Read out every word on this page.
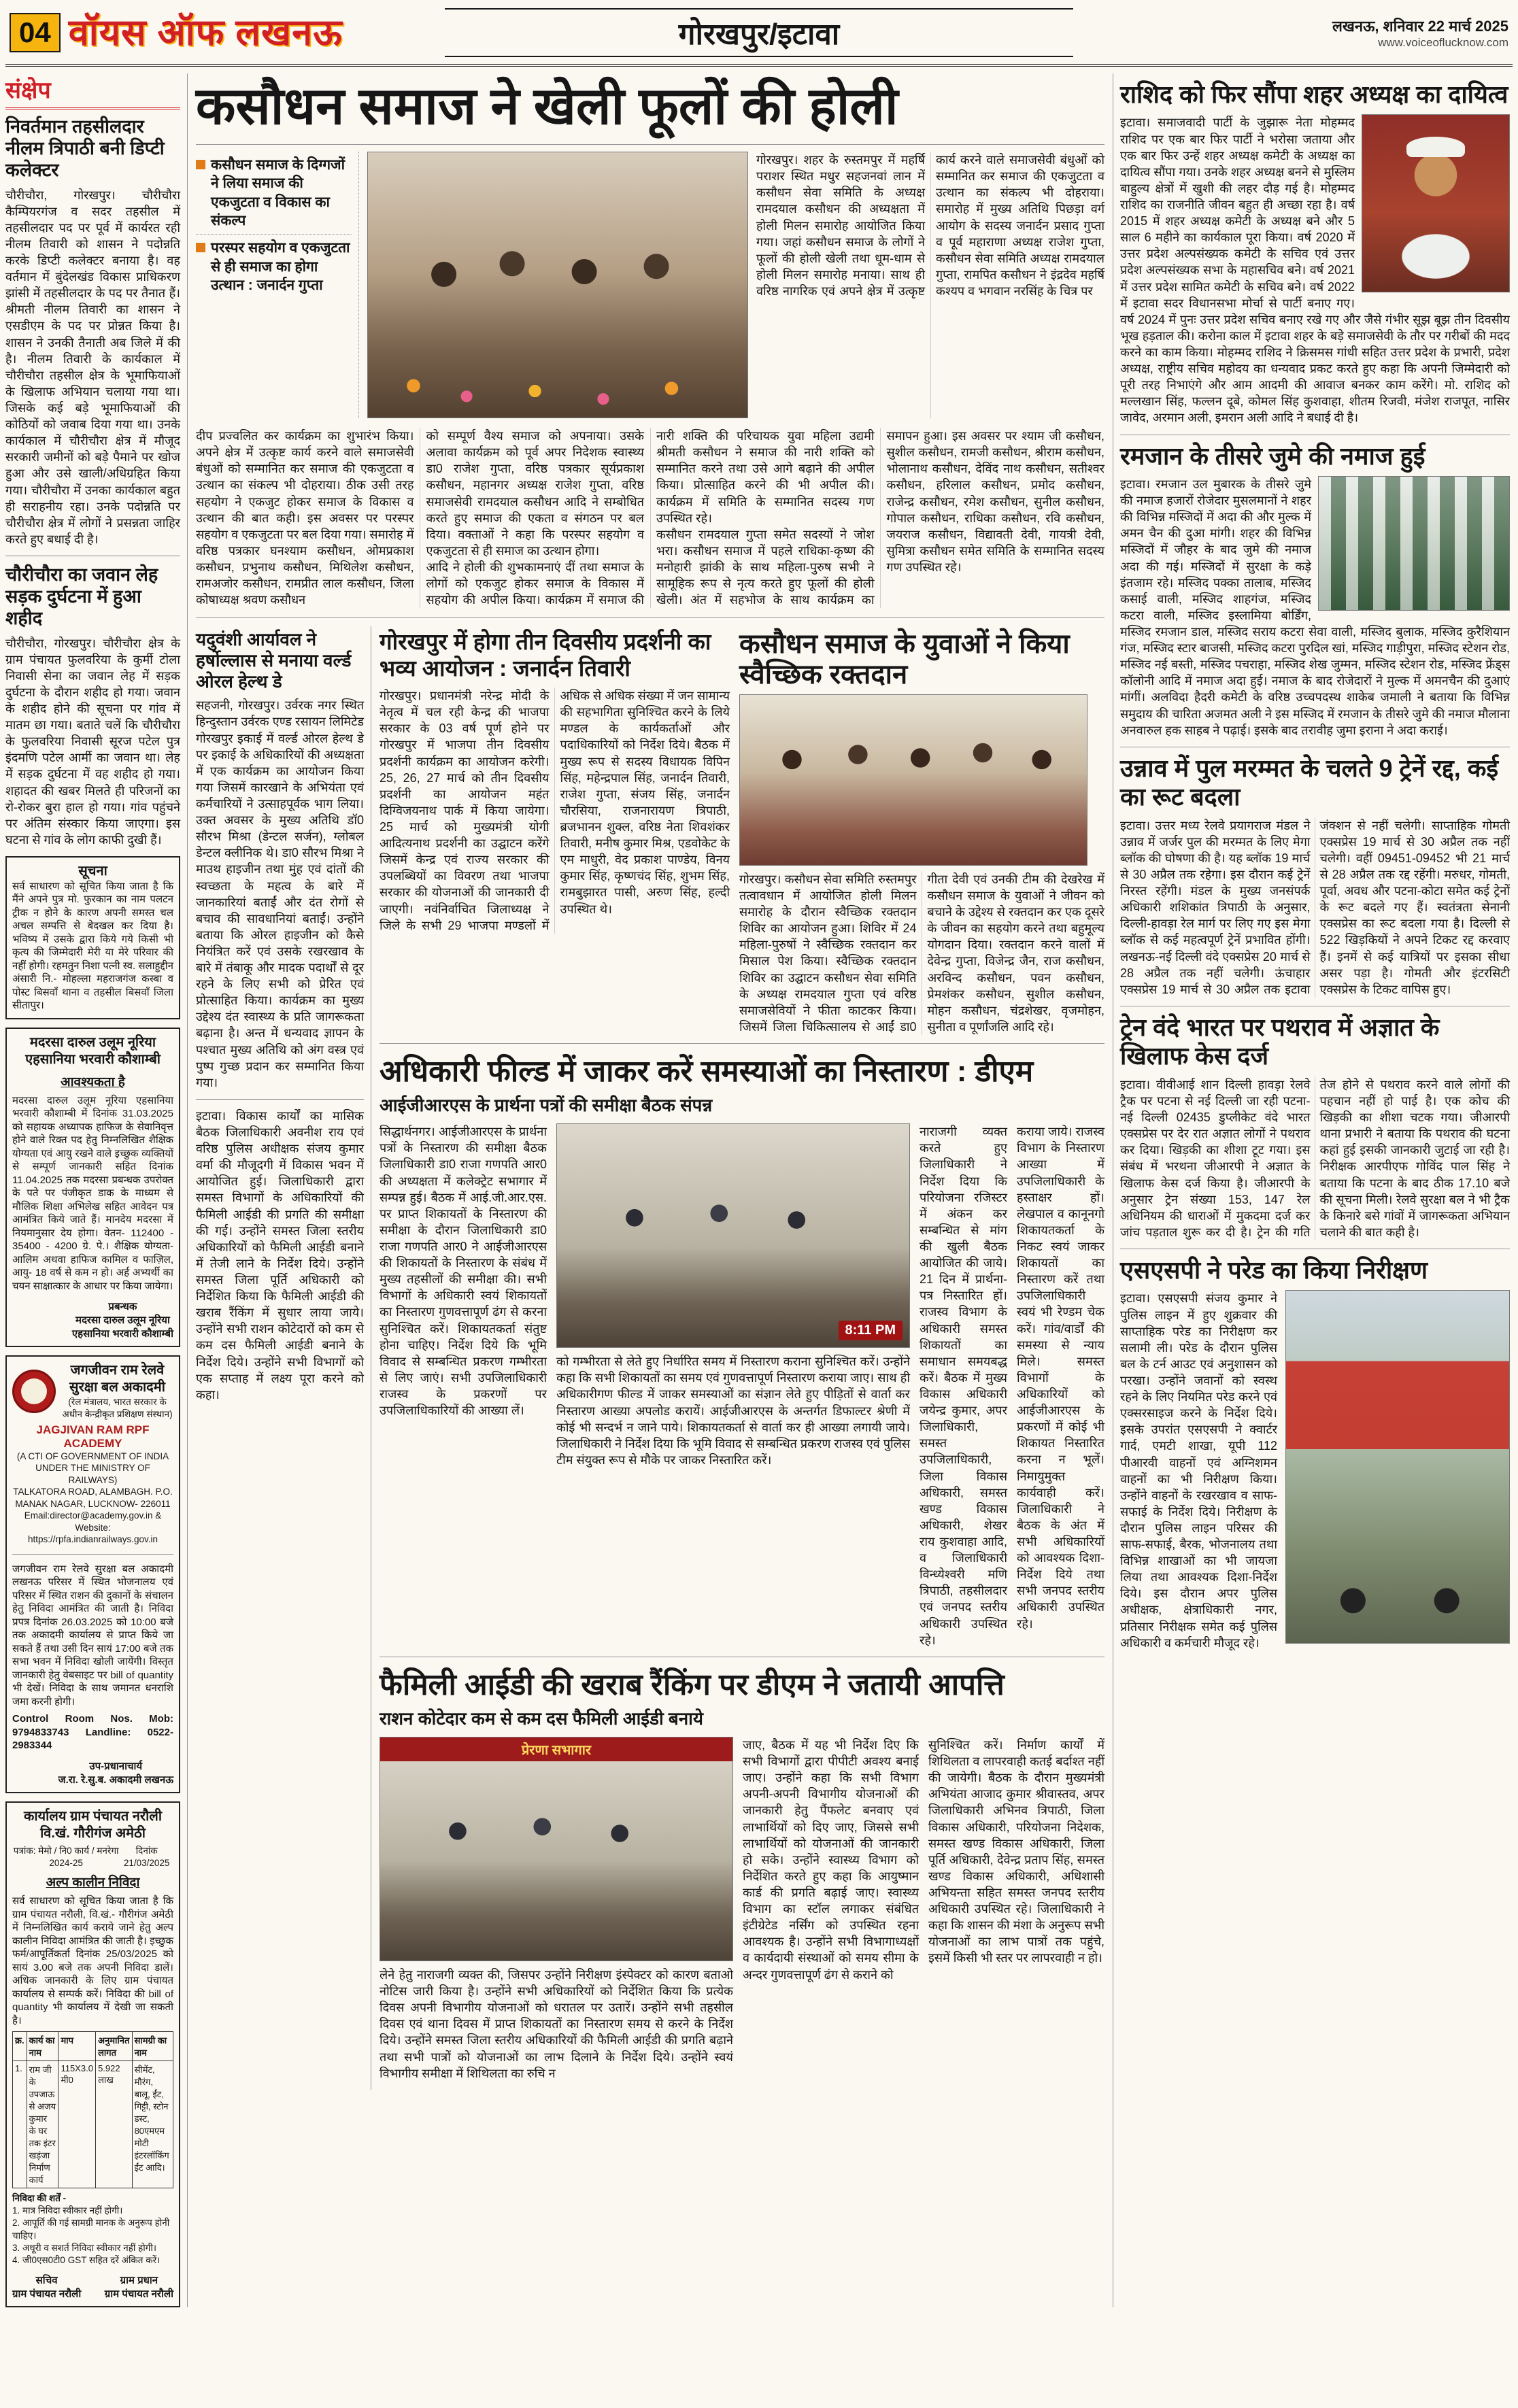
04 वॉयस ऑफ लखनऊ	गोरखपुर/इटावा	लखनऊ, शनिवार 22 मार्च 2025
www.voiceoflucknow.com
संक्षेप
निवर्तमान तहसीलदार नीलम त्रिपाठी बनी डिप्टी कलेक्टर

चौरीचौरा, गोरखपुर। चौरीचौरा कैम्पियरगंज व सदर तहसील में तहसीलदार पद पर पूर्व में कार्यरत रही नीलम तिवारी को शासन ने पदोन्नति करके डिप्टी कलेक्टर बनाया है। वह वर्तमान में बुंदेलखंड विकास प्राधिकरण झांसी में तहसीलदार के पद पर तैनात हैं। श्रीमती नीलम तिवारी का शासन ने एसडीएम के पद पर प्रोन्नत किया है। शासन ने उनकी तैनाती अब जिले में की है। नीलम तिवारी के कार्यकाल में चौरीचौरा तहसील क्षेत्र के भूमाफियाओं के खिलाफ अभियान चलाया गया था। जिसके कई बड़े भूमाफियाओं की कोठियों को जवाब दिया गया था। उनके कार्यकाल में चौरीचौरा क्षेत्र में मौजूद सरकारी जमीनों को बड़े पैमाने पर खोज हुआ और उसे खाली/अधिग्रहित किया गया। चौरीचौरा में उनका कार्यकाल बहुत ही सराहनीय रहा। उनके पदोन्नति पर चौरीचौरा क्षेत्र में लोगों ने प्रसन्नता जाहिर करते हुए बधाई दी है।

चौरीचौरा का जवान लेह सड़क दुर्घटना में हुआ शहीद

चौरीचौरा, गोरखपुर। चौरीचौरा क्षेत्र के ग्राम पंचायत फुलवरिया के कुर्मी टोला निवासी सेना का जवान लेह में सड़क दुर्घटना के दौरान शहीद हो गया। जवान के शहीद होने की सूचना पर गांव में मातम छा गया। बताते चलें कि चौरीचौरा के फुलवरिया निवासी सूरज पटेल पुत्र इंदमणि पटेल आर्मी का जवान था। लेह में सड़क दुर्घटना में वह शहीद हो गया। शहादत की खबर मिलते ही परिजनों का रो-रोकर बुरा हाल हो गया। गांव पहुंचने पर अंतिम संस्कार किया जाएगा। इस घटना से गांव के लोग काफी दुखी हैं।

सूचना

सर्व साधारण को सूचित किया जाता है कि मैंने अपने पुत्र मो. फुरकान का नाम पलटन ट्रीक न होने के कारण अपनी समस्त चल अचल सम्पत्ति से बेदखल कर दिया है। भविष्य में उसके द्वारा किये गये किसी भी कृत्य की जिम्मेदारी मेरी या मेरे परिवार की नहीं होगी। रहमतुन निशा पत्नी स्व. सलाहुद्दीन अंसारी नि.- मोहल्ला महराजगंज कस्बा व पोस्ट बिसवाँ थाना व तहसील बिसवाँ जिला सीतापुर।

मदरसा दारुल उलूम नूरिया एहसानिया भरवारी कौशाम्बी
आवश्यकता है

मदरसा दारुल उलूम नूरिया एहसानिया भरवारी कौशाम्बी में दिनांक 31.03.2025 को सहायक अध्यापक हाफिज के सेवानिवृत्त होने वाले रिक्त पद हेतु निम्नलिखित शैक्षिक योग्यता एवं आयु रखने वाले इच्छुक व्यक्तियों से सम्पूर्ण जानकारी सहित दिनांक 11.04.2025 तक मदरसा प्रबन्धक उपरोक्त के पते पर पंजीकृत डाक के माध्यम से मौलिक शिक्षा अभिलेख सहित आवेदन पत्र आमंत्रित किये जाते हैं। मानदेय मदरसा में नियमानुसार देय होगा। वेतन- 112400 - 35400 - 4200 ग्रे. पे.। शैक्षिक योग्यता- आलिम अथवा हाफिज कामिल व फाज़िल, आयु- 18 वर्ष से कम न हो। अर्ह अभ्यर्थी का चयन साक्षात्कार के आधार पर किया जायेगा।

प्रबन्धक
मदरसा दारुल उलूम नूरिया
एहसानिया भरवारी कौशाम्बी
जगजीवन राम रेलवे सुरक्षा बल अकादमी
(रेल मंत्रालय, भारत सरकार के अधीन केन्द्रीकृत प्रशिक्षण संस्थान)
JAGJIVAN RAM RPF ACADEMY
(A CTI OF GOVERNMENT OF INDIA UNDER THE MINISTRY OF RAILWAYS)
TALKATORA ROAD, ALAMBAGH. P.O. MANAK NAGAR, LUCKNOW- 226011
Email:director@academy.gov.in & Website: https://rpfa.indianrailways.gov.in

जगजीवन राम रेलवे सुरक्षा बल अकादमी लखनऊ परिसर में स्थित भोजनालय एवं परिसर में स्थित राशन की दुकानों के संचालन हेतु निविदा आमंत्रित की जाती है। निविदा प्रपत्र दिनांक 26.03.2025 को 10:00 बजे तक अकादमी कार्यालय से प्राप्त किये जा सकते हैं तथा उसी दिन सायं 17:00 बजे तक सभा भवन में निविदा खोली जायेंगी। विस्तृत जानकारी हेतु वेबसाइट पर bill of quantity भी देखें। निविदा के साथ जमानत धनराशि जमा करनी होगी।

Control Room Nos. Mob: 9794833743 Landline: 0522-2983344

उप-प्रधानाचार्य
ज.रा. रे.सु.ब. अकादमी लखनऊ
कार्यालय ग्राम पंचायत नरौली वि.खं. गौरीगंज अमेठी
पत्रांक: मेमो / नि0 कार्य / मनरेगा 2024-25
दिनांक 21/03/2025
अल्प कालीन निविदा

सर्व साधारण को सूचित किया जाता है कि ग्राम पंचायत नरौली, वि.खं.- गौरीगंज अमेठी में निम्नलिखित कार्य कराये जाने हेतु अल्प कालीन निविदा आमंत्रित की जाती है। इच्छुक फर्म/आपूर्तिकर्ता दिनांक 25/03/2025 को सायं 3.00 बजे तक अपनी निविदा डालें। अधिक जानकारी के लिए ग्राम पंचायत कार्यालय से सम्पर्क करें। निविदा की bill of quantity भी कार्यालय में देखी जा सकती है।

क्र.	कार्य का नाम	माप	अनुमानित लागत	सामग्री का नाम
1.	राम जी के उपजाऊ से अजय कुमार के घर तक इंटर खड़ंजा निर्माण कार्य	115X3.0 मी0	5.922 लाख	सीमेंट, मौरंग, बालू, ईंट, गिट्टी, स्टोन डस्ट, 80एमएम मोटी इंटरलॉकिंग ईंट आदि।
निविदा की शर्तें -
1. मात्र निविदा स्वीकार नहीं होगी।
2. आपूर्ति की गई सामग्री मानक के अनुरूप होनी चाहिए।
3. अधूरी व सशर्त निविदा स्वीकार नहीं होगी।
4. जी0एस0टी0 GST सहित दरें अंकित करें।
सचिव
ग्राम पंचायत नरौली
ग्राम प्रधान
ग्राम पंचायत नरौली
कसौधन समाज ने खेली फूलों की होली
कसौधन समाज के दिग्गजों ने लिया समाज की एकजुटता व विकास का संकल्प
परस्पर सहयोग व एकजुटता से ही समाज का होगा उत्थान : जनार्दन गुप्ता
गोरखपुर। शहर के रुस्तमपुर में महर्षि पराशर स्थित मधुर सहजनवां लान में कसौधन सेवा समिति के अध्यक्ष रामदयाल कसौधन की अध्यक्षता में होली मिलन समारोह आयोजित किया गया। जहां कसौधन समाज के लोगों ने फूलों की होली खेली तथा धूम-धाम से होली मिलन समारोह मनाया। साथ ही वरिष्ठ नागरिक एवं अपने क्षेत्र में उत्कृष्ट कार्य करने वाले समाजसेवी बंधुओं को सम्मानित कर समाज की एकजुटता व उत्थान का संकल्प भी दोहराया। समारोह में मुख्य अतिथि पिछड़ा वर्ग आयोग के सदस्य जनार्दन प्रसाद गुप्ता व पूर्व महाराणा अध्यक्ष राजेश गुप्ता, कसौधन सेवा समिति अध्यक्ष रामदयाल गुप्ता, रामपित कसौधन ने इंद्रदेव महर्षि कश्यप व भगवान नरसिंह के चित्र पर

दीप प्रज्वलित कर कार्यक्रम का शुभारंभ किया। अपने क्षेत्र में उत्कृष्ट कार्य करने वाले समाजसेवी बंधुओं को सम्मानित कर समाज की एकजुटता व उत्थान का संकल्प भी दोहराया। ठीक उसी तरह सहयोग ने एकजुट होकर समाज के विकास व उत्थान की बात कही। इस अवसर पर परस्पर सहयोग व एकजुटता पर बल दिया गया। समारोह में वरिष्ठ पत्रकार घनश्याम कसौधन, ओमप्रकाश कसौधन, प्रभुनाथ कसौधन, मिथिलेश कसौधन, रामअजोर कसौधन, रामप्रीत लाल कसौधन, जिला कोषाध्यक्ष श्रवण कसौधन

को सम्पूर्ण वैश्य समाज को अपनाया। उसके अलावा कार्यक्रम को पूर्व अपर निदेशक स्वास्थ्य डा0 राजेश गुप्ता, वरिष्ठ पत्रकार सूर्यप्रकाश कसौधन, महानगर अध्यक्ष राजेश गुप्ता, वरिष्ठ समाजसेवी रामदयाल कसौधन आदि ने सम्बोधित करते हुए समाज की एकता व संगठन पर बल दिया। वक्ताओं ने कहा कि परस्पर सहयोग व एकजुटता से ही समाज का उत्थान होगा।

आदि ने होली की शुभकामनाएं दीं तथा समाज के लोगों को एकजुट होकर समाज के विकास में सहयोग की अपील किया। कार्यक्रम में समाज की नारी शक्ति की परिचायक युवा महिला उद्यमी श्रीमती कसौधन ने समाज की नारी शक्ति को सम्मानित करने तथा उसे आगे बढ़ाने की अपील किया। प्रोत्साहित करने की भी अपील की। कार्यक्रम में समिति के सम्मानित सदस्य गण उपस्थित रहे।

कसौधन रामदयाल गुप्ता समेत सदस्यों ने जोश भरा। कसौधन समाज में पहले राधिका-कृष्ण की मनोहारी झांकी के साथ महिला-पुरुष सभी ने सामूहिक रूप से नृत्य करते हुए फूलों की होली खेली। अंत में सहभोज के साथ कार्यक्रम का समापन हुआ। इस अवसर पर श्याम जी कसौधन, सुशील कसौधन, रामजी कसौधन, श्रीराम कसौधन, भोलानाथ कसौधन, देविंद नाथ कसौधन, सतीश्वर कसौधन, हरिलाल कसौधन, प्रमोद कसौधन, राजेन्द्र कसौधन, रमेश कसौधन, सुनील कसौधन, गोपाल कसौधन, राधिका कसौधन, रवि कसौधन, जयराज कसौधन, विद्यावती देवी, गायत्री देवी, सुमित्रा कसौधन समेत समिति के सम्मानित सदस्य गण उपस्थित रहे।

यदुवंशी आर्यावल ने हर्षोल्लास से मनाया वर्ल्ड ओरल हेल्थ डे

सहजनी, गोरखपुर। उर्वरक नगर स्थित हिन्दुस्तान उर्वरक एण्ड रसायन लिमिटेड गोरखपुर इकाई में वर्ल्ड ओरल हेल्थ डे पर इकाई के अधिकारियों की अध्यक्षता में एक कार्यक्रम का आयोजन किया गया जिसमें कारखाने के अभियंता एवं कर्मचारियों ने उत्साहपूर्वक भाग लिया। उक्त अवसर के मुख्य अतिथि डॉ0 सौरभ मिश्रा (डेन्टल सर्जन), ग्लोबल डेन्टल क्लीनिक थे। डा0 सौरभ मिश्रा ने माउथ हाइजीन तथा मुंह एवं दांतों की स्वच्छता के महत्व के बारे में जानकारियां बताईं और दंत रोगों से बचाव की सावधानियां बताईं। उन्होंने बताया कि ओरल हाइजीन को कैसे नियंत्रित करें एवं उसके रखरखाव के बारे में तंबाकू और मादक पदार्थों से दूर रहने के लिए सभी को प्रेरित एवं प्रोत्साहित किया। कार्यक्रम का मुख्य उद्देश्य दंत स्वास्थ्य के प्रति जागरूकता बढ़ाना है। अन्त में धन्यवाद ज्ञापन के पश्चात मुख्य अतिथि को अंग वस्त्र एवं पुष्प गुच्छ प्रदान कर सम्मानित किया गया।

इटावा। विकास कार्यों का मासिक बैठक जिलाधिकारी अवनीश राय एवं वरिष्ठ पुलिस अधीक्षक संजय कुमार वर्मा की मौजूदगी में विकास भवन में आयोजित हुई। जिलाधिकारी द्वारा समस्त विभागों के अधिकारियों की फैमिली आईडी की प्रगति की समीक्षा की गई। उन्होंने समस्त जिला स्तरीय अधिकारियों को फैमिली आईडी बनाने में तेजी लाने के निर्देश दिये। उन्होंने समस्त जिला पूर्ति अधिकारी को निर्देशित किया कि फैमिली आईडी की खराब रैंकिंग में सुधार लाया जाये। उन्होंने सभी राशन कोटेदारों को कम से कम दस फैमिली आईडी बनाने के निर्देश दिये। उन्होंने सभी विभागों को एक सप्ताह में लक्ष्य पूरा करने को कहा।

गोरखपुर में होगा तीन दिवसीय प्रदर्शनी का भव्य आयोजन : जनार्दन तिवारी

गोरखपुर। प्रधानमंत्री नरेन्द्र मोदी के नेतृत्व में चल रही केन्द्र की भाजपा सरकार के 03 वर्ष पूर्ण होने पर गोरखपुर में भाजपा तीन दिवसीय प्रदर्शनी कार्यक्रम का आयोजन करेगी। 25, 26, 27 मार्च को तीन दिवसीय प्रदर्शनी का आयोजन महंत दिग्विजयनाथ पार्क में किया जायेगा। 25 मार्च को मुख्यमंत्री योगी आदित्यनाथ प्रदर्शनी का उद्घाटन करेंगे जिसमें केन्द्र एवं राज्य सरकार की उपलब्धियों का विवरण तथा भाजपा सरकार की योजनाओं की जानकारी दी जाएगी। नवंनिर्वाचित जिलाध्यक्ष ने जिले के सभी 29 भाजपा मण्डलों में अधिक से अधिक संख्या में जन सामान्य की सहभागिता सुनिश्चित करने के लिये मण्डल के कार्यकर्ताओं और पदाधिकारियों को निर्देश दिये। बैठक में मुख्य रूप से सदस्य विधायक विपिन सिंह, महेन्द्रपाल सिंह, जनार्दन तिवारी, राजेश गुप्ता, संजय सिंह, जनार्दन चौरसिया, राजनारायण त्रिपाठी, ब्रजभानन शुक्ल, वरिष्ठ नेता शिवशंकर तिवारी, मनीष कुमार मिश्र, एडवोकेट के एम माधुरी, वेद प्रकाश पाण्डेय, विनय कुमार सिंह, कृष्णचंद सिंह, शुभम सिंह, रामबुझारत पासी, अरुण सिंह, हल्दी उपस्थित थे।

कसौधन समाज के युवाओं ने किया स्वैच्छिक रक्तदान

गोरखपुर। कसौधन सेवा समिति रुस्तमपुर तत्वावधान में आयोजित होली मिलन समारोह के दौरान स्वैच्छिक रक्तदान शिविर का आयोजन हुआ। शिविर में 24 महिला-पुरुषों ने स्वैच्छिक रक्तदान कर मिसाल पेश किया। स्वैच्छिक रक्तदान शिविर का उद्घाटन कसौधन सेवा समिति के अध्यक्ष रामदयाल गुप्ता एवं वरिष्ठ समाजसेवियों ने फीता काटकर किया। जिसमें जिला चिकित्सालय से आईं डा0 गीता देवी एवं उनकी टीम की देखरेख में कसौधन समाज के युवाओं ने जीवन को बचाने के उद्देश्य से रक्तदान कर एक दूसरे के जीवन का सहयोग करने तथा बहुमूल्य योगदान दिया। रक्तदान करने वालों में देवेन्द्र गुप्ता, विजेन्द्र जैन, राज कसौधन, अरविन्द कसौधन, पवन कसौधन, प्रेमशंकर कसौधन, सुशील कसौधन, मोहन कसौधन, चंद्रशेखर, वृजमोहन, सुनीता व पूर्णांजलि आदि रहे।

अधिकारी फील्ड में जाकर करें समस्याओं का निस्तारण : डीएम
आईजीआरएस के प्रार्थना पत्रों की समीक्षा बैठक संपन्न

सिद्धार्थनगर। आईजीआरएस के प्रार्थना पत्रों के निस्तारण की समीक्षा बैठक जिलाधिकारी डा0 राजा गणपति आर0 की अध्यक्षता में कलेक्ट्रेट सभागार में सम्पन्न हुई। बैठक में आई.जी.आर.एस. पर प्राप्त शिकायतों के निस्तारण की समीक्षा के दौरान जिलाधिकारी डा0 राजा गणपति आर0 ने आईजीआरएस की शिकायतों के निस्तारण के संबंध में मुख्य तहसीलों की समीक्षा की। सभी विभागों के अधिकारी स्वयं शिकायतों का निस्तारण गुणवत्तापूर्ण ढंग से करना सुनिश्चित करें। शिकायतकर्ता संतुष्ट होना चाहिए। निर्देश दिये कि भूमि विवाद से सम्बन्धित प्रकरण गम्भीरता से लिए जाएं। सभी उपजिलाधिकारी राजस्व के प्रकरणों पर उपजिलाधिकारियों की आख्या लें।

8:11 PM

को गम्भीरता से लेते हुए निर्धारित समय में निस्तारण कराना सुनिश्चित करें। उन्होंने कहा कि सभी शिकायतों का समय एवं गुणवत्तापूर्ण निस्तारण कराया जाए। साथ ही अधिकारीगण फील्ड में जाकर समस्याओं का संज्ञान लेते हुए पीड़ितों से वार्ता कर निस्तारण आख्या अपलोड करायें। आईजीआरएस के अन्तर्गत डिफाल्टर श्रेणी में कोई भी सन्दर्भ न जाने पाये। शिकायतकर्ता से वार्ता कर ही आख्या लगायी जाये। जिलाधिकारी ने निर्देश दिया कि भूमि विवाद से सम्बन्धित प्रकरण राजस्व एवं पुलिस टीम संयुक्त रूप से मौके पर जाकर निस्तारित करें।

नाराजगी व्यक्त करते हुए जिलाधिकारी ने निर्देश दिया कि परियोजना रजिस्टर में अंकन कर सम्बन्धित से मांग की खुली बैठक आयोजित की जाये। 21 दिन में प्रार्थना-पत्र निस्तारित हों। राजस्व विभाग के अधिकारी समस्त शिकायतों का समाधान समयबद्ध करें। बैठक में मुख्य विकास अधिकारी जयेन्द्र कुमार, अपर जिलाधिकारी, समस्त उपजिलाधिकारी, जिला विकास अधिकारी, समस्त खण्ड विकास अधिकारी, शेखर राय कुशवाहा आदि, व जिलाधिकारी विन्ध्येश्वरी मणि त्रिपाठी, तहसीलदार एवं जनपद स्तरीय अधिकारी उपस्थित रहे।

कराया जाये। राजस्व विभाग के निस्तारण आख्या में उपजिलाधिकारी के हस्ताक्षर हों। लेखपाल व कानूनगो शिकायतकर्ता के निकट स्वयं जाकर शिकायतों का निस्तारण करें तथा उपजिलाधिकारी स्वयं भी रेण्डम चेक करें। गांव/वार्डों की समस्या से न्याय मिले। समस्त विभागों के अधिकारियों को आईजीआरएस के प्रकरणों में कोई भी शिकायत निस्तारित करना न भूलें। निमायुमुक्त कार्यवाही करें। जिलाधिकारी ने बैठक के अंत में सभी अधिकारियों को आवश्यक दिशा-निर्देश दिये तथा सभी जनपद स्तरीय अधिकारी उपस्थित रहे।

फैमिली आईडी की खराब रैंकिंग पर डीएम ने जतायी आपत्ति
राशन कोटेदार कम से कम दस फैमिली आईडी बनाये
प्रेरणा सभागार

लेने हेतु नाराजगी व्यक्त की, जिसपर उन्होंने निरीक्षण इंस्पेक्टर को कारण बताओ नोटिस जारी किया है। उन्होंने सभी अधिकारियों को निर्देशित किया कि प्रत्येक दिवस अपनी विभागीय योजनाओं को धरातल पर उतारें। उन्होंने सभी तहसील दिवस एवं थाना दिवस में प्राप्त शिकायतों का निस्तारण समय से करने के निर्देश दिये। उन्होंने समस्त जिला स्तरीय अधिकारियों की फैमिली आईडी की प्रगति बढ़ाने तथा सभी पात्रों को योजनाओं का लाभ दिलाने के निर्देश दिये। उन्होंने स्वयं विभागीय समीक्षा में शिथिलता का रुचि न

जाए, बैठक में यह भी निर्देश दिए कि सभी विभागों द्वारा पीपीटी अवश्य बनाई जाए। उन्होंने कहा कि सभी विभाग अपनी-अपनी विभागीय योजनाओं की जानकारी हेतु पैंफलेट बनवाए एवं लाभार्थियों को दिए जाए, जिससे सभी लाभार्थियों को योजनाओं की जानकारी हो सके। उन्होंने स्वास्थ्य विभाग को निर्देशित करते हुए कहा कि आयुष्मान कार्ड की प्रगति बढ़ाई जाए। स्वास्थ्य विभाग का स्टॉल लगाकर संबंधित इंटीग्रेटेड नर्सिंग को उपस्थित रहना आवश्यक है। उन्होंने सभी विभागाध्यक्षों व कार्यदायी संस्थाओं को समय सीमा के अन्दर गुणवत्तापूर्ण ढंग से कराने को

सुनिश्चित करें। निर्माण कार्यों में शिथिलता व लापरवाही कतई बर्दाश्त नहीं की जायेगी। बैठक के दौरान मुख्यमंत्री अभियंता आजाद कुमार श्रीवास्तव, अपर जिलाधिकारी अभिनव त्रिपाठी, जिला विकास अधिकारी, परियोजना निदेशक, समस्त खण्ड विकास अधिकारी, जिला पूर्ति अधिकारी, देवेन्द्र प्रताप सिंह, समस्त खण्ड विकास अधिकारी, अधिशासी अभियन्ता सहित समस्त जनपद स्तरीय अधिकारी उपस्थित रहे। जिलाधिकारी ने कहा कि शासन की मंशा के अनुरूप सभी योजनाओं का लाभ पात्रों तक पहुंचे, इसमें किसी भी स्तर पर लापरवाही न हो।

राशिद को फिर सौंपा शहर अध्यक्ष का दायित्व

इटावा। समाजवादी पार्टी के जुझारू नेता मोहम्मद राशिद पर एक बार फिर पार्टी ने भरोसा जताया और एक बार फिर उन्हें शहर अध्यक्ष कमेटी के अध्यक्ष का दायित्व सौंपा गया। उनके शहर अध्यक्ष बनने से मुस्लिम बाहुल्य क्षेत्रों में खुशी की लहर दौड़ गई है। मोहम्मद राशिद का राजनीति जीवन बहुत ही अच्छा रहा है। वर्ष 2015 में शहर अध्यक्ष कमेटी के अध्यक्ष बने और 5 साल 6 महीने का कार्यकाल पूरा किया। वर्ष 2020 में उत्तर प्रदेश अल्पसंख्यक कमेटी के सचिव एवं उत्तर प्रदेश अल्पसंख्यक सभा के महासचिव बने। वर्ष 2021 में उत्तर प्रदेश सामित कमेटी के सचिव बने। वर्ष 2022 में इटावा सदर विधानसभा मोर्चा से पार्टी बनाए गए। वर्ष 2024 में पुनः उत्तर प्रदेश सचिव बनाए रखे गए और जैसे गंभीर सूझ बूझ तीन दिवसीय भूख हड़ताल की। करोना काल में इटावा शहर के बड़े समाजसेवी के तौर पर गरीबों की मदद करने का काम किया। मोहम्मद राशिद ने क्रिसमस गांधी सहित उत्तर प्रदेश के प्रभारी, प्रदेश अध्यक्ष, राष्ट्रीय सचिव महोदय का धन्यवाद प्रकट करते हुए कहा कि अपनी जिम्मेदारी को पूरी तरह निभाएंगे और आम आदमी की आवाज बनकर काम करेंगे। मो. राशिद को मल्लखान सिंह, फल्लन दूबे, कोमल सिंह कुशवाहा, शीतम रिजवी, मंजेश राजपूत, नासिर जावेद, अरमान अली, इमरान अली आदि ने बधाई दी है।

रमजान के तीसरे जुमे की नमाज हुई

इटावा। रमजान उल मुबारक के तीसरे जुमे की नमाज हजारों रोजेदार मुसलमानों ने शहर की विभिन्न मस्जिदों में अदा की और मुल्क में अमन चैन की दुआ मांगी। शहर की विभिन्न मस्जिदों में जौहर के बाद जुमे की नमाज अदा की गई। मस्जिदों में सुरक्षा के कड़े इंतजाम रहे। मस्जिद पक्का तालाब, मस्जिद कसाई वाली, मस्जिद शाहगंज, मस्जिद कटरा वाली, मस्जिद इस्लामिया बोर्डिंग, मस्जिद रमजान डाल, मस्जिद सराय कटरा सेवा वाली, मस्जिद बुलाक, मस्जिद कुरैशियान गंज, मस्जिद स्टार बाजसी, मस्जिद कटरा पुरदिल खां, मस्जिद गाड़ीपुरा, मस्जिद स्टेशन रोड, मस्जिद नई बस्ती, मस्जिद पचराहा, मस्जिद शेख जुम्मन, मस्जिद स्टेशन रोड, मस्जिद फ्रेंड्स कॉलोनी आदि में नमाज अदा हुई। नमाज के बाद रोजेदारों ने मुल्क में अमनचैन की दुआएं मांगीं। अलविदा हैदरी कमेटी के वरिष्ठ उच्चपदस्थ शाकेब जमाली ने बताया कि विभिन्न समुदाय की चारिता अजमत अली ने इस मस्जिद में रमजान के तीसरे जुमे की नमाज मौलाना अनवारुल हक साहब ने पढ़ाई। इसके बाद तरावीह जुमा इराना ने अदा कराई।

उन्नाव में पुल मरम्मत के चलते 9 ट्रेनें रद्द, कई का रूट बदला

इटावा। उत्तर मध्य रेलवे प्रयागराज मंडल ने उन्नाव में जर्जर पुल की मरम्मत के लिए मेगा ब्लॉक की घोषणा की है। यह ब्लॉक 19 मार्च से 30 अप्रैल तक रहेगा। इस दौरान कई ट्रेनें निरस्त रहेंगी। मंडल के मुख्य जनसंपर्क अधिकारी शशिकांत त्रिपाठी के अनुसार, दिल्ली-हावड़ा रेल मार्ग पर लिए गए इस मेगा ब्लॉक से कई महत्वपूर्ण ट्रेनें प्रभावित होंगी। लखनऊ-नई दिल्ली वंदे एक्सप्रेस 20 मार्च से 28 अप्रैल तक नहीं चलेगी। ऊंचाहार एक्सप्रेस 19 मार्च से 30 अप्रैल तक इटावा जंक्शन से नहीं चलेगी। साप्ताहिक गोमती एक्सप्रेस 19 मार्च से 30 अप्रैल तक नहीं चलेगी। वहीं 09451-09452 भी 21 मार्च से 28 अप्रैल तक रद्द रहेंगी। मरुधर, गोमती, पूर्वा, अवध और पटना-कोटा समेत कई ट्रेनों के रूट बदले गए हैं। स्वतंत्रता सेनानी एक्सप्रेस का रूट बदला गया है। दिल्ली से 522 खिड़कियों ने अपने टिकट रद्द करवाए हैं। इनमें से कई यात्रियों पर इसका सीधा असर पड़ा है। गोमती और इंटरसिटी एक्सप्रेस के टिकट वापिस हुए।

ट्रेन वंदे भारत पर पथराव में अज्ञात के खिलाफ केस दर्ज

इटावा। वीवीआई शान दिल्ली हावड़ा रेलवे ट्रैक पर पटना से नई दिल्ली जा रही पटना-नई दिल्ली 02435 डुप्लीकेट वंदे भारत एक्सप्रेस पर देर रात अज्ञात लोगों ने पथराव कर दिया। खिड़की का शीशा टूट गया। इस संबंध में भरथना जीआरपी ने अज्ञात के खिलाफ केस दर्ज किया है। जीआरपी के अनुसार ट्रेन संख्या 153, 147 रेल अधिनियम की धाराओं में मुकदमा दर्ज कर जांच पड़ताल शुरू कर दी है। ट्रेन की गति तेज होने से पथराव करने वाले लोगों की पहचान नहीं हो पाई है। एक कोच की खिड़की का शीशा चटक गया। जीआरपी थाना प्रभारी ने बताया कि पथराव की घटना कहां हुई इसकी जानकारी जुटाई जा रही है। निरीक्षक आरपीएफ गोविंद पाल सिंह ने बताया कि पटना के बाद ठीक 17.10 बजे की सूचना मिली। रेलवे सुरक्षा बल ने भी ट्रैक के किनारे बसे गांवों में जागरूकता अभियान चलाने की बात कही है।

एसएसपी ने परेड का किया निरीक्षण

इटावा। एसएसपी संजय कुमार ने पुलिस लाइन में हुए शुक्रवार की साप्ताहिक परेड का निरीक्षण कर सलामी ली। परेड के दौरान पुलिस बल के टर्न आउट एवं अनुशासन को परखा। उन्होंने जवानों को स्वस्थ रहने के लिए नियमित परेड करने एवं एक्सरसाइज करने के निर्देश दिये। इसके उपरांत एसएसपी ने क्वार्टर गार्द, एमटी शाखा, यूपी 112 पीआरवी वाहनों एवं अग्निशमन वाहनों का भी निरीक्षण किया। उन्होंने वाहनों के रखरखाव व साफ-सफाई के निर्देश दिये। निरीक्षण के दौरान पुलिस लाइन परिसर की साफ-सफाई, बैरक, भोजनालय तथा विभिन्न शाखाओं का भी जायजा लिया तथा आवश्यक दिशा-निर्देश दिये। इस दौरान अपर पुलिस अधीक्षक, क्षेत्राधिकारी नगर, प्रतिसार निरीक्षक समेत कई पुलिस अधिकारी व कर्मचारी मौजूद रहे।
